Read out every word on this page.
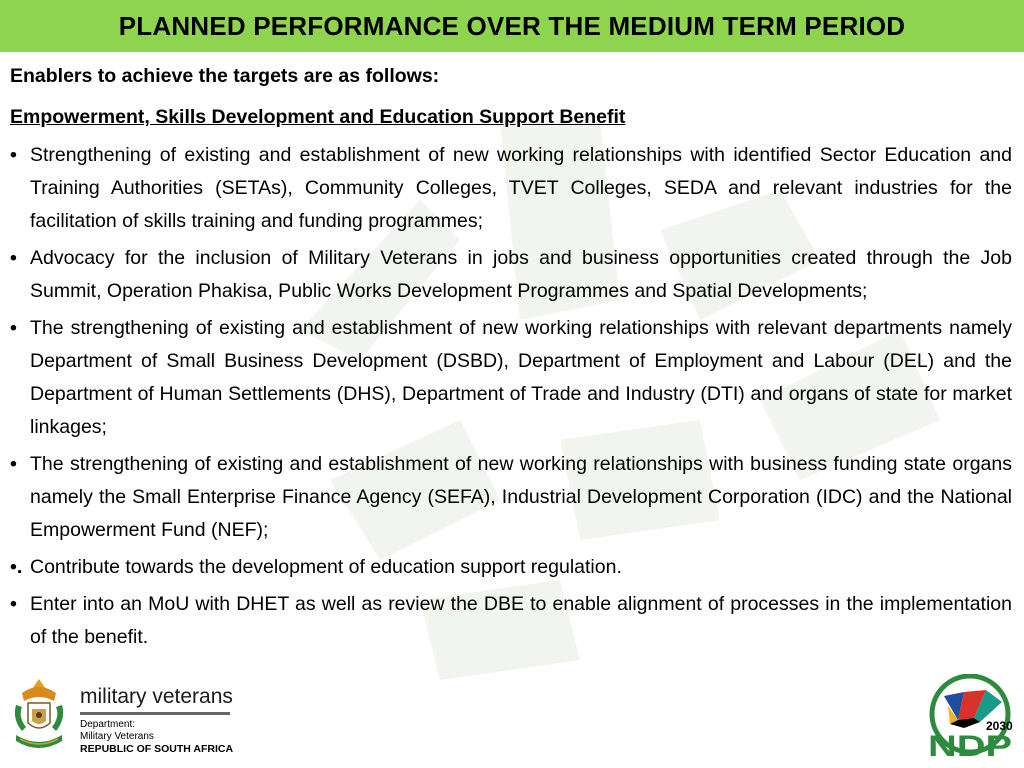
PLANNED PERFORMANCE OVER THE MEDIUM TERM PERIOD

Enablers to achieve the targets are as follows:

Empowerment, Skills Development and Education Support Benefit

• Strengthening of existing and establishment of new working relationships with identified Sector Education and Training Authorities (SETAs), Community Colleges, TVET Colleges, SEDA and relevant industries for the facilitation of skills training and funding programmes;
• Advocacy for the inclusion of Military Veterans in jobs and business opportunities created through the Job Summit, Operation Phakisa, Public Works Development Programmes and Spatial Developments;
• The strengthening of existing and establishment of new working relationships with relevant departments namely Department of Small Business Development (DSBD), Department of Employment and Labour (DEL) and the Department of Human Settlements (DHS), Department of Trade and Industry (DTI) and organs of state for market linkages;
• The strengthening of existing and establishment of new working relationships with business funding state organs namely the Small Enterprise Finance Agency (SEFA), Industrial Development Corporation (IDC) and the National Empowerment Fund (NEF);
•. Contribute towards the development of education support regulation.
• Enter into an MoU with DHET as well as review the DBE to enable alignment of processes in the implementation of the benefit.
military veterans
Department:
Military Veterans
REPUBLIC OF SOUTH AFRICA
2030
NDP
